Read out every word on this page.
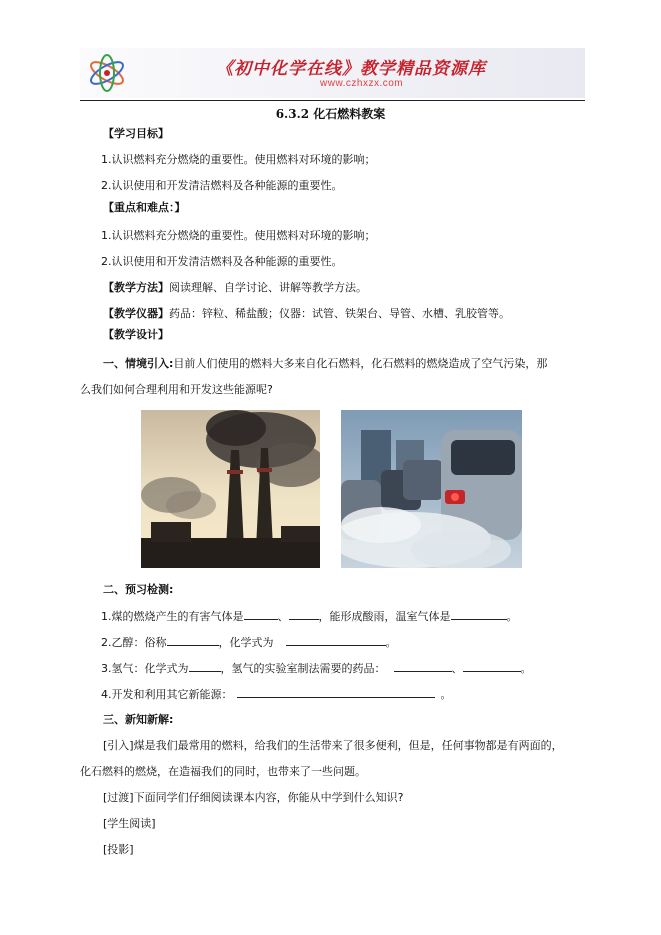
《初中化学在线》教学精品资源库
www.czhxzx.com
6.3.2 化石燃料教案
【学习目标】
1.认识燃料充分燃烧的重要性。使用燃料对环境的影响；
2.认识使用和开发清洁燃料及各种能源的重要性。
【重点和难点：】
1.认识燃料充分燃烧的重要性。使用燃料对环境的影响；
2.认识使用和开发清洁燃料及各种能源的重要性。
【教学方法】阅读理解、自学讨论、讲解等教学方法。
【教学仪器】药品：锌粒、稀盐酸；仪器：试管、铁架台、导管、水槽、乳胶管等。
【教学设计】
一、情境引入:目前人们使用的燃料大多来自化石燃料，化石燃料的燃烧造成了空气污染，那
么我们如何合理利用和开发这些能源呢?
二、预习检测:
1.煤的燃烧产生的有害气体是	、	，能形成酸雨，温室气体是	。
2.乙醇：俗称	，化学式为	。
3.氢气：化学式为	，氢气的实验室制法需要的药品：	、	。
4.开发和利用其它新能源：	。
三、新知新解:
[引入]煤是我们最常用的燃料，给我们的生活带来了很多便利，但是，任何事物都是有两面的，
化石燃料的燃烧，在造福我们的同时，也带来了一些问题。
[过渡]下面同学们仔细阅读课本内容，你能从中学到什么知识?
[学生阅读]
[投影]
